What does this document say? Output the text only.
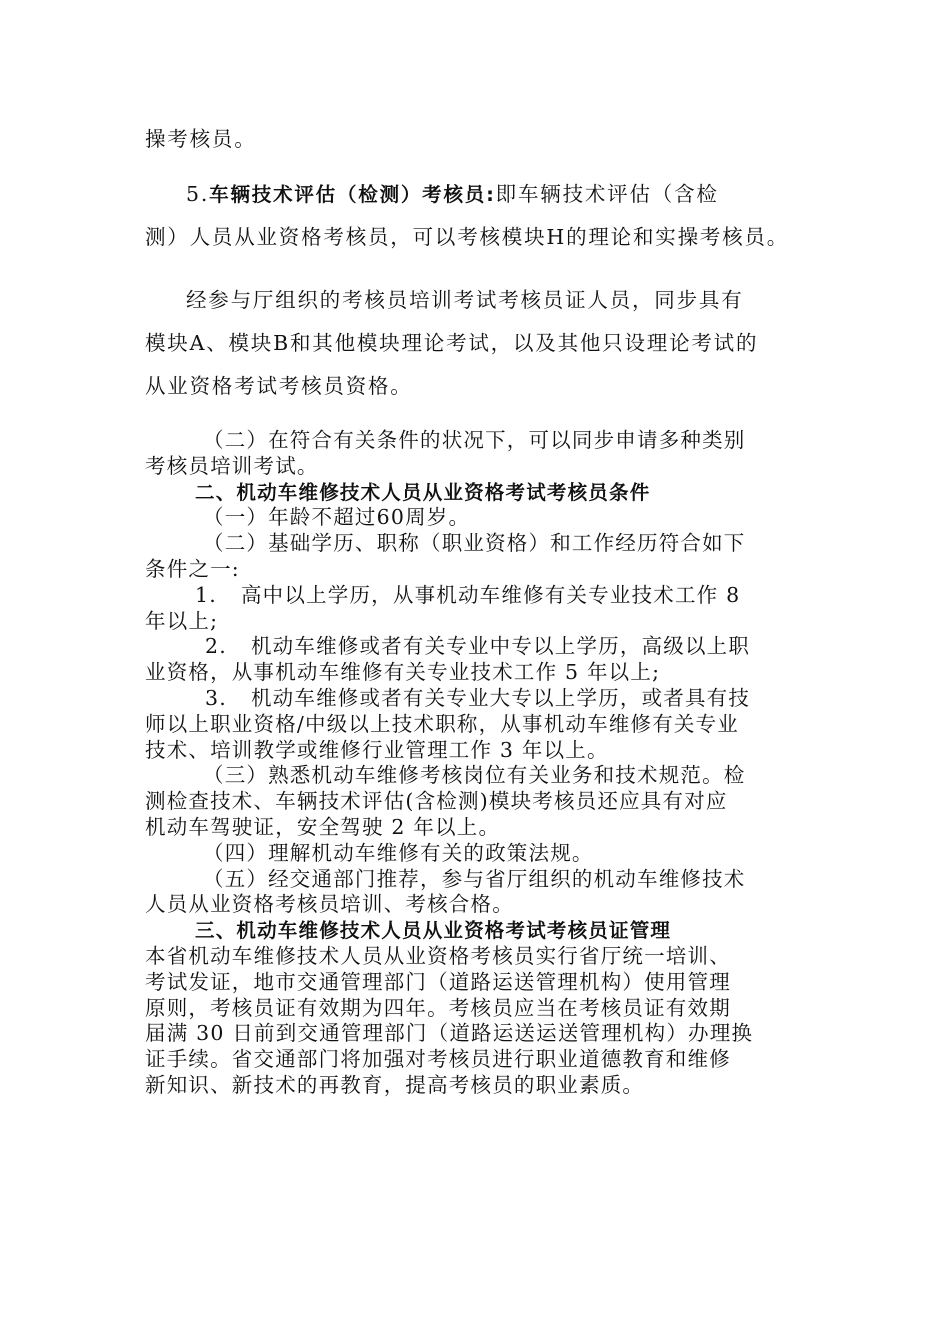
操考核员。

5.车辆技术评估（检测）考核员:即车辆技术评估（含检

测）人员从业资格考核员，可以考核模块H的理论和实操考核员。

经参与厅组织的考核员培训考试考核员证人员，同步具有

模块A、模块B和其他模块理论考试，以及其他只设理论考试的

从业资格考试考核员资格。

（二）在符合有关条件的状况下，可以同步申请多种类别

考核员培训考试。

二、机动车维修技术人员从业资格考试考核员条件

（一）年龄不超过60周岁。

（二）基础学历、职称（职业资格）和工作经历符合如下

条件之一:

1. 高中以上学历，从事机动车维修有关专业技术工作 8

年以上;

2. 机动车维修或者有关专业中专以上学历，高级以上职

业资格，从事机动车维修有关专业技术工作 5 年以上;

3. 机动车维修或者有关专业大专以上学历，或者具有技

师以上职业资格/中级以上技术职称，从事机动车维修有关专业

技术、培训教学或维修行业管理工作 3 年以上。

（三）熟悉机动车维修考核岗位有关业务和技术规范。检

测检查技术、车辆技术评估(含检测)模块考核员还应具有对应

机动车驾驶证，安全驾驶 2 年以上。

（四）理解机动车维修有关的政策法规。

（五）经交通部门推荐，参与省厅组织的机动车维修技术

人员从业资格考核员培训、考核合格。

三、机动车维修技术人员从业资格考试考核员证管理

本省机动车维修技术人员从业资格考核员实行省厅统一培训、

考试发证，地市交通管理部门（道路运送管理机构）使用管理

原则，考核员证有效期为四年。考核员应当在考核员证有效期

届满 30 日前到交通管理部门（道路运送运送管理机构）办理换

证手续。省交通部门将加强对考核员进行职业道德教育和维修

新知识、新技术的再教育，提高考核员的职业素质。
